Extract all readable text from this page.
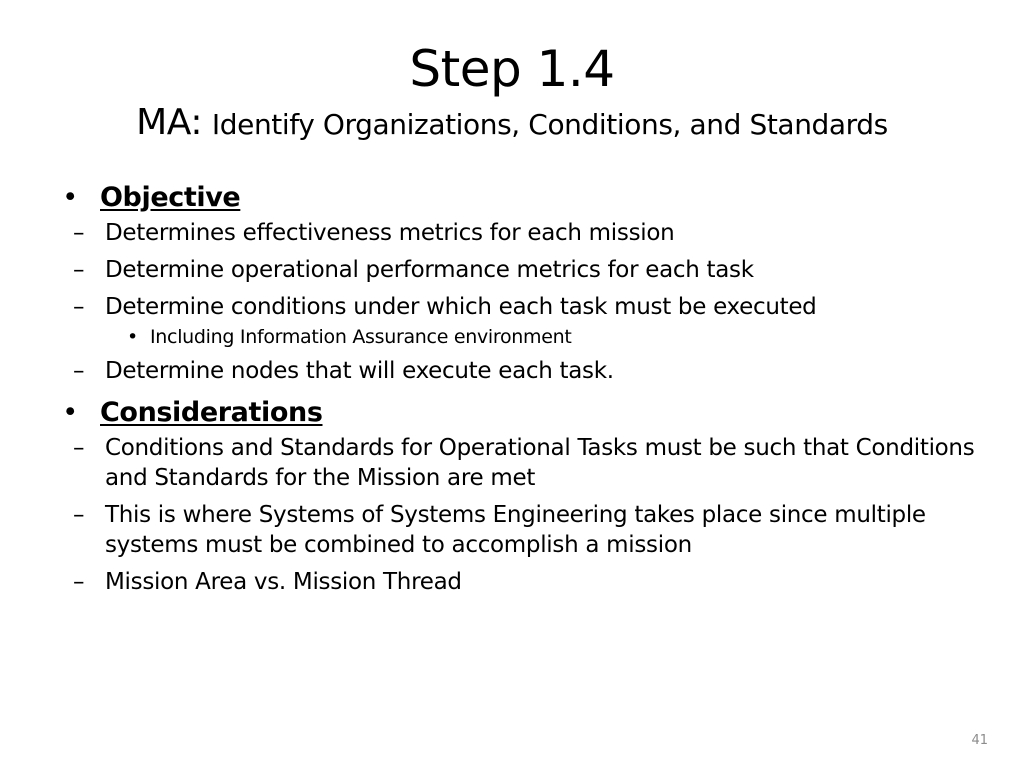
Step 1.4
MA: Identify Organizations, Conditions, and Standards
• Objective
– Determines effectiveness metrics for each mission
– Determine operational performance metrics for each task
– Determine conditions under which each task must be executed
• Including Information Assurance environment
– Determine nodes that will execute each task.
• Considerations
– Conditions and Standards for Operational Tasks must be such that Conditions and Standards for the Mission are met
– This is where Systems of Systems Engineering takes place since multiple systems must be combined to accomplish a mission
– Mission Area vs. Mission Thread
41
